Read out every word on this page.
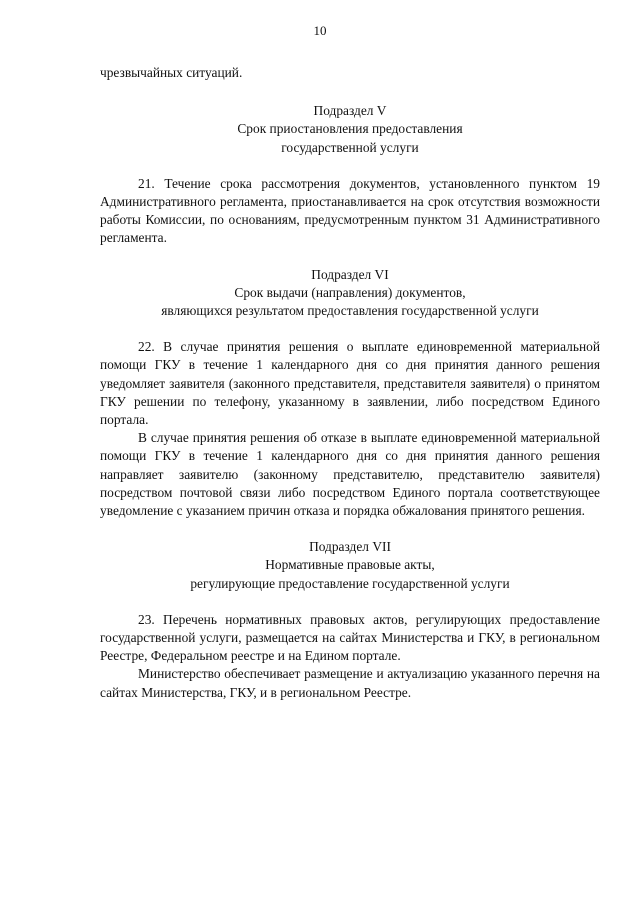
10

чрезвычайных ситуаций.

Подраздел V
Срок приостановления предоставления
государственной услуги

21. Течение срока рассмотрения документов, установленного пунктом 19 Административного регламента, приостанавливается на срок отсутствия возможности работы Комиссии, по основаниям, предусмотренным пунктом 31 Административного регламента.

Подраздел VI
Срок выдачи (направления) документов,
являющихся результатом предоставления государственной услуги

22. В случае принятия решения о выплате единовременной материальной помощи ГКУ в течение 1 календарного дня со дня принятия данного решения уведомляет заявителя (законного представителя, представителя заявителя) о принятом ГКУ решении по телефону, указанному в заявлении, либо посредством Единого портала.

В случае принятия решения об отказе в выплате единовременной материальной помощи ГКУ в течение 1 календарного дня со дня принятия данного решения направляет заявителю (законному представителю, представителю заявителя) посредством почтовой связи либо посредством Единого портала соответствующее уведомление с указанием причин отказа и порядка обжалования принятого решения.

Подраздел VII
Нормативные правовые акты,
регулирующие предоставление государственной услуги

23. Перечень нормативных правовых актов, регулирующих предоставление государственной услуги, размещается на сайтах Министерства и ГКУ, в региональном Реестре, Федеральном реестре и на Едином портале.

Министерство обеспечивает размещение и актуализацию указанного перечня на сайтах Министерства, ГКУ, и в региональном Реестре.
